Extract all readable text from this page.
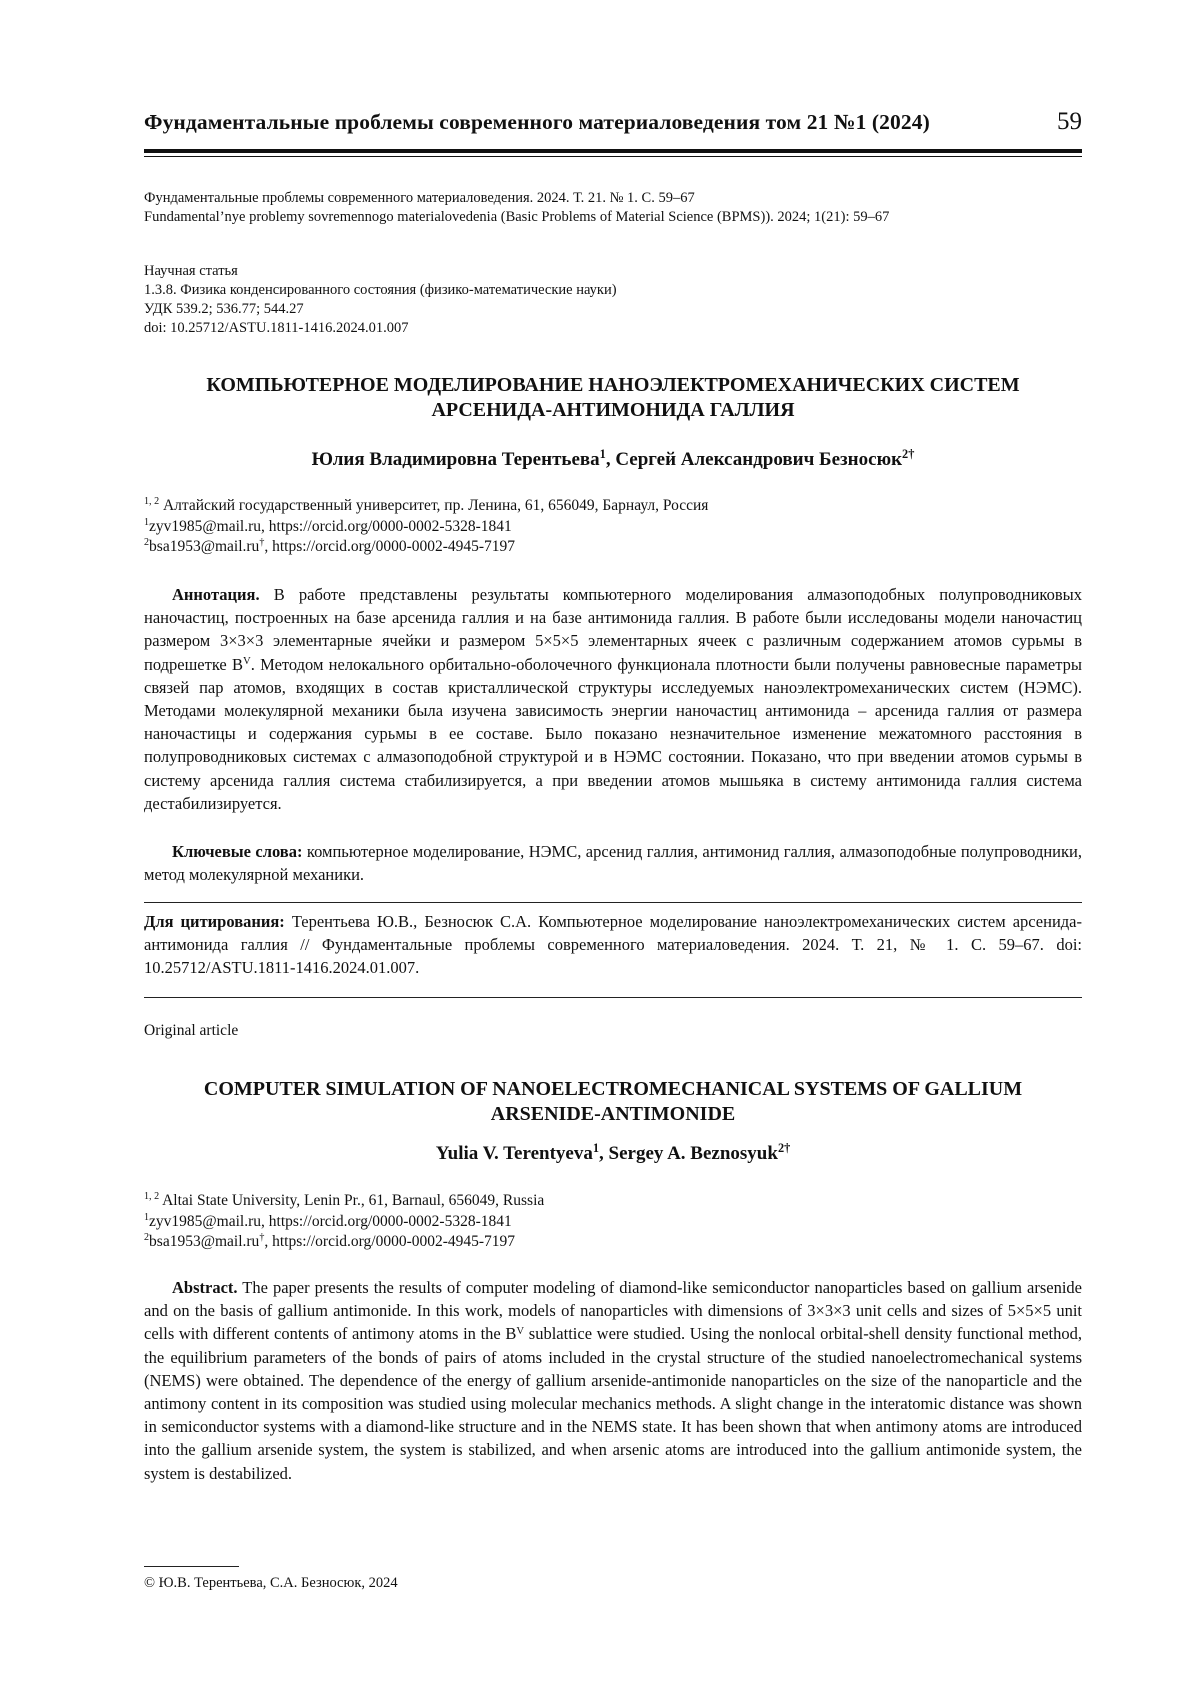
Фундаментальные проблемы современного материаловедения том 21 №1 (2024)	59
Фундаментальные проблемы современного материаловедения. 2024. Т. 21. № 1. С. 59–67
Fundamental’nye problemy sovremennogo materialovedenia (Basic Problems of Material Science (BPMS)). 2024; 1(21): 59–67
Научная статья
1.3.8. Физика конденсированного состояния (физико-математические науки)
УДК 539.2; 536.77; 544.27
doi: 10.25712/ASTU.1811-1416.2024.01.007
КОМПЬЮТЕРНОЕ МОДЕЛИРОВАНИЕ НАНОЭЛЕКТРОМЕХАНИЧЕСКИХ СИСТЕМ
АРСЕНИДА-АНТИМОНИДА ГАЛЛИЯ
Юлия Владимировна Терентьева$^1$, Сергей Александрович Безносюк$^{2\dagger}$
$^{1, 2}$ Алтайский государственный университет, пр. Ленина, 61, 656049, Барнаул, Россия
$^1$zyv1985@mail.ru, https://orcid.org/0000-0002-5328-1841
$^2$bsa1953@mail.ru†, https://orcid.org/0000-0002-4945-7197
Аннотация. В работе представлены результаты компьютерного моделирования алмазоподобных полупроводниковых наночастиц, построенных на базе арсенида галлия и на базе антимонида галлия. В работе были исследованы модели наночастиц размером 3×3×3 элементарные ячейки и размером 5×5×5 элементарных ячеек с различным содержанием атомов сурьмы в подрешетке $B^V$. Методом нелокального орбитально-оболочечного функционала плотности были получены равновесные параметры связей пар атомов, входящих в состав кристаллической структуры исследуемых наноэлектромеханических систем (НЭМС). Методами молекулярной механики была изучена зависимость энергии наночастиц антимонида – арсенида галлия от размера наночастицы и содержания сурьмы в ее составе. Было показано незначительное изменение межатомного расстояния в полупроводниковых системах с алмазоподобной структурой и в НЭМС состоянии. Показано, что при введении атомов сурьмы в систему арсенида галлия система стабилизируется, а при введении атомов мышьяка в систему антимонида галлия система дестабилизируется.
Ключевые слова: компьютерное моделирование, НЭМС, арсенид галлия, антимонид галлия, алмазоподобные полупроводники, метод молекулярной механики.
Для цитирования: Терентьева Ю.В., Безносюк С.А. Компьютерное моделирование наноэлектромеханических систем арсенида-антимонида галлия // Фундаментальные проблемы современного материаловедения. 2024. Т. 21, № 1. С. 59–67. doi: 10.25712/ASTU.1811-1416.2024.01.007.
Original article
COMPUTER SIMULATION OF NANOELECTROMECHANICAL SYSTEMS OF GALLIUM
ARSENIDE-ANTIMONIDE
Yulia V. Terentyeva$^1$, Sergey A. Beznosyuk$^{2\dagger}$
$^{1, 2}$ Altai State University, Lenin Pr., 61, Barnaul, 656049, Russia
$^1$zyv1985@mail.ru, https://orcid.org/0000-0002-5328-1841
$^2$bsa1953@mail.ru†, https://orcid.org/0000-0002-4945-7197
Abstract. The paper presents the results of computer modeling of diamond-like semiconductor nanoparticles based on gallium arsenide and on the basis of gallium antimonide. In this work, models of nanoparticles with dimensions of 3×3×3 unit cells and sizes of 5×5×5 unit cells with different contents of antimony atoms in the $B^V$ sublattice were studied. Using the nonlocal orbital-shell density functional method, the equilibrium parameters of the bonds of pairs of atoms included in the crystal structure of the studied nanoelectromechanical systems (NEMS) were obtained. The dependence of the energy of gallium arsenide-antimonide nanoparticles on the size of the nanoparticle and the antimony content in its composition was studied using molecular mechanics methods. A slight change in the interatomic distance was shown in semiconductor systems with a diamond-like structure and in the NEMS state. It has been shown that when antimony atoms are introduced into the gallium arsenide system, the system is stabilized, and when arsenic atoms are introduced into the gallium antimonide system, the system is destabilized.
© Ю.В. Терентьева, С.А. Безносюк, 2024
